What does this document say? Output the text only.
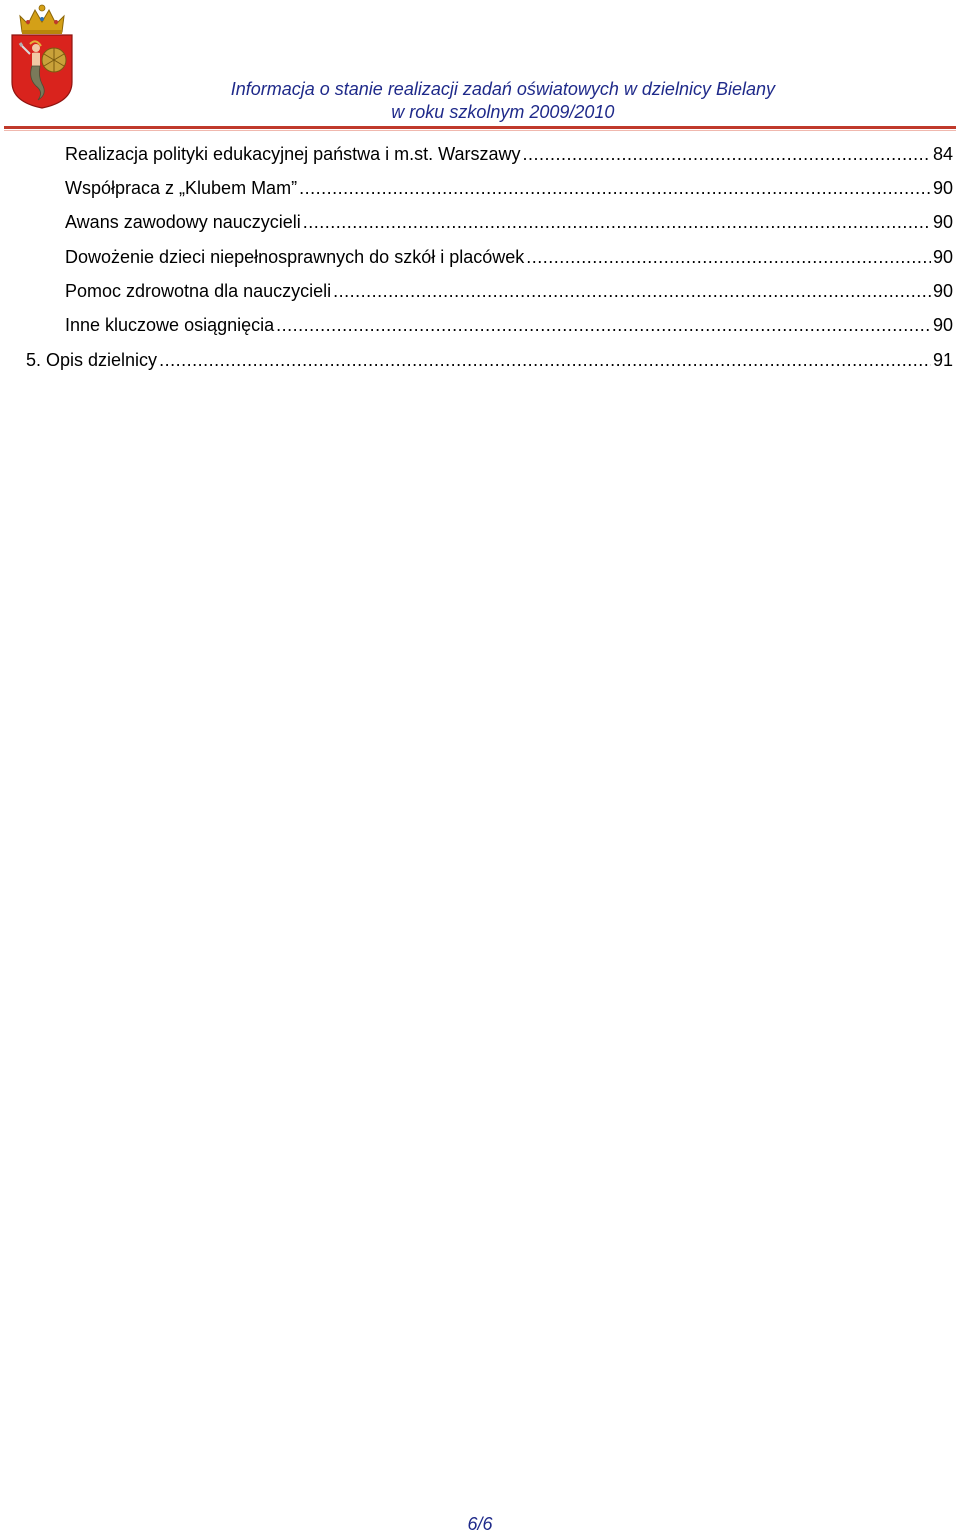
Informacja o stanie realizacji zadań oświatowych w dzielnicy Bielany
w roku szkolnym 2009/2010
Realizacja polityki edukacyjnej państwa i m.st. Warszawy .....	84
Współpraca z „Klubem Mam” .....	90
Awans zawodowy nauczycieli .....	90
Dowożenie dzieci niepełnosprawnych do szkół i placówek .....	90
Pomoc zdrowotna dla nauczycieli .....	90
Inne kluczowe osiągnięcia .....	90
5. Opis dzielnicy .....	91
6/6
